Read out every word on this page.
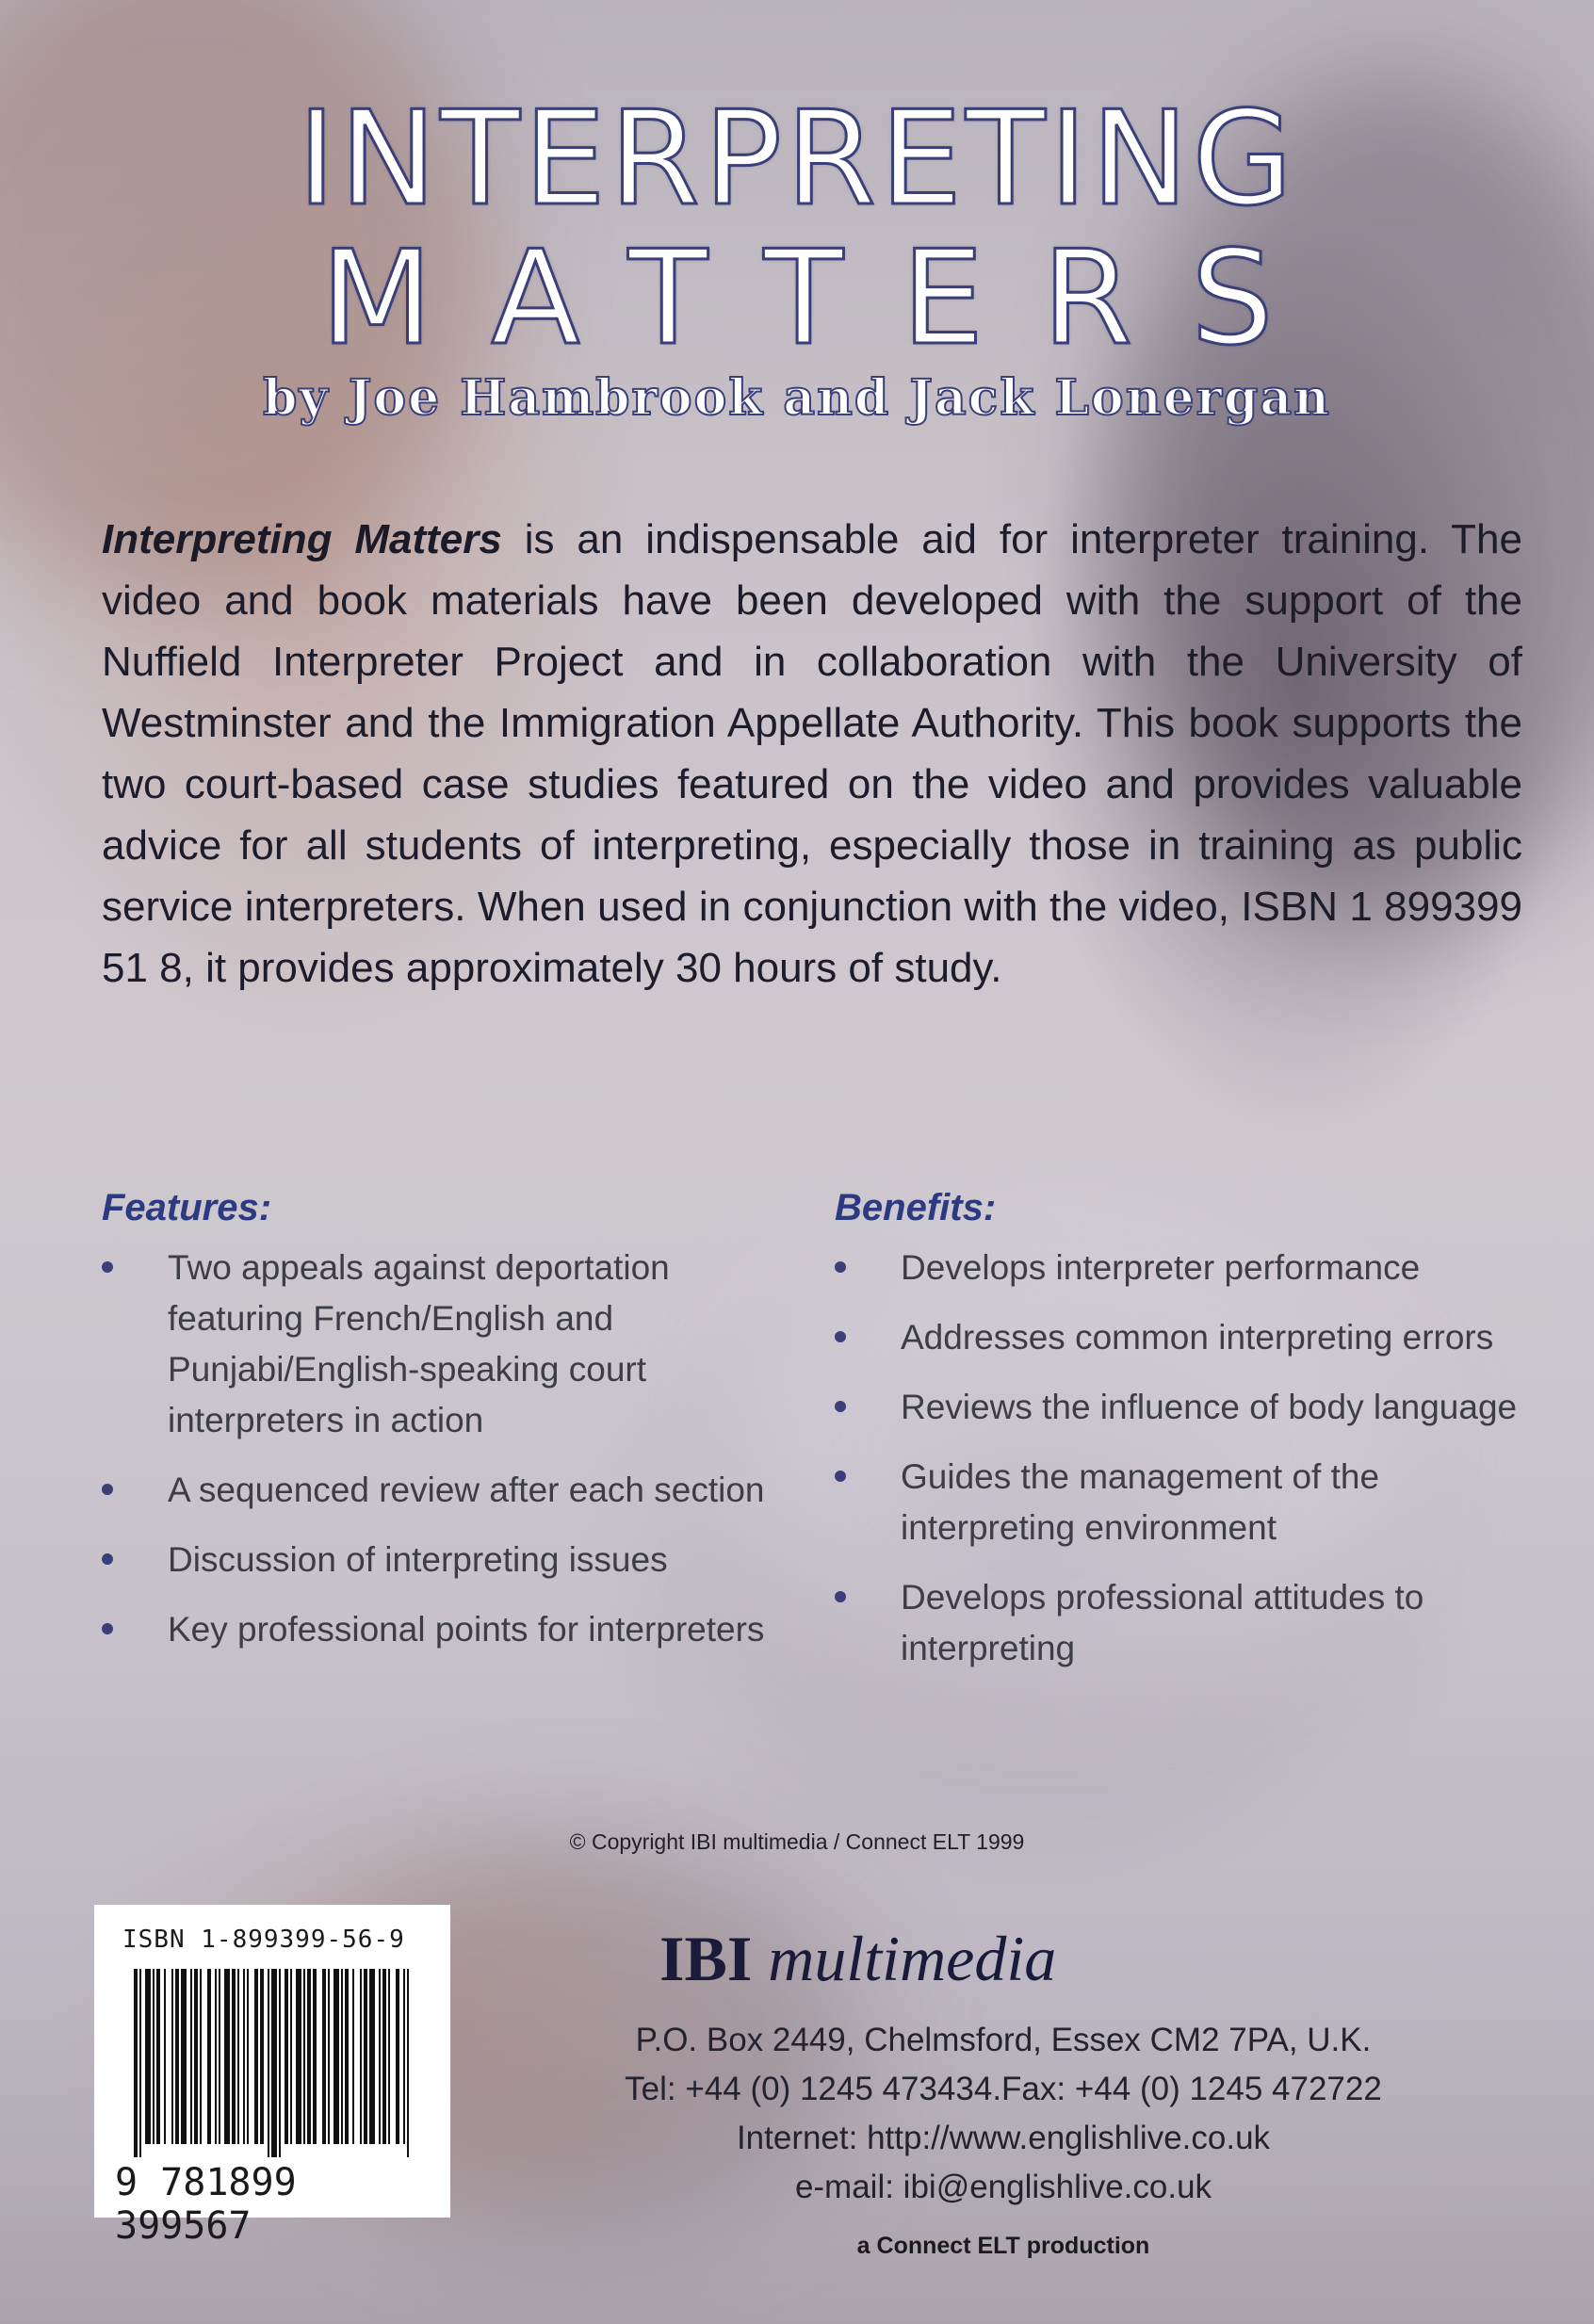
INTERPRETING
MATTERS
by Joe Hambrook and Jack Lonergan
Interpreting Matters is an indispensable aid for interpreter training. The video and book materials have been developed with the support of the Nuffield Interpreter Project and in collaboration with the University of Westminster and the Immigration Appellate Authority. This book supports the two court-based case studies featured on the video and provides valuable advice for all students of interpreting, especially those in training as public service interpreters. When used in conjunction with the video, ISBN 1 899399 51 8, it provides approximately 30 hours of study.
Features:
Two appeals against deportation featuring French/English and Punjabi/English-speaking court interpreters in action
A sequenced review after each section
Discussion of interpreting issues
Key professional points for interpreters
Benefits:
Develops interpreter performance
Addresses common interpreting errors
Reviews the influence of body language
Guides the management of the interpreting environment
Develops professional attitudes to interpreting
© Copyright IBI multimedia / Connect ELT 1999
ISBN 1-899399-56-9
9 781899 399567
IBI multimedia
P.O. Box 2449, Chelmsford, Essex CM2 7PA, U.K.
Tel: +44 (0) 1245 473434.Fax: +44 (0) 1245 472722
Internet: http://www.englishlive.co.uk
e-mail: ibi@englishlive.co.uk
a Connect ELT production
